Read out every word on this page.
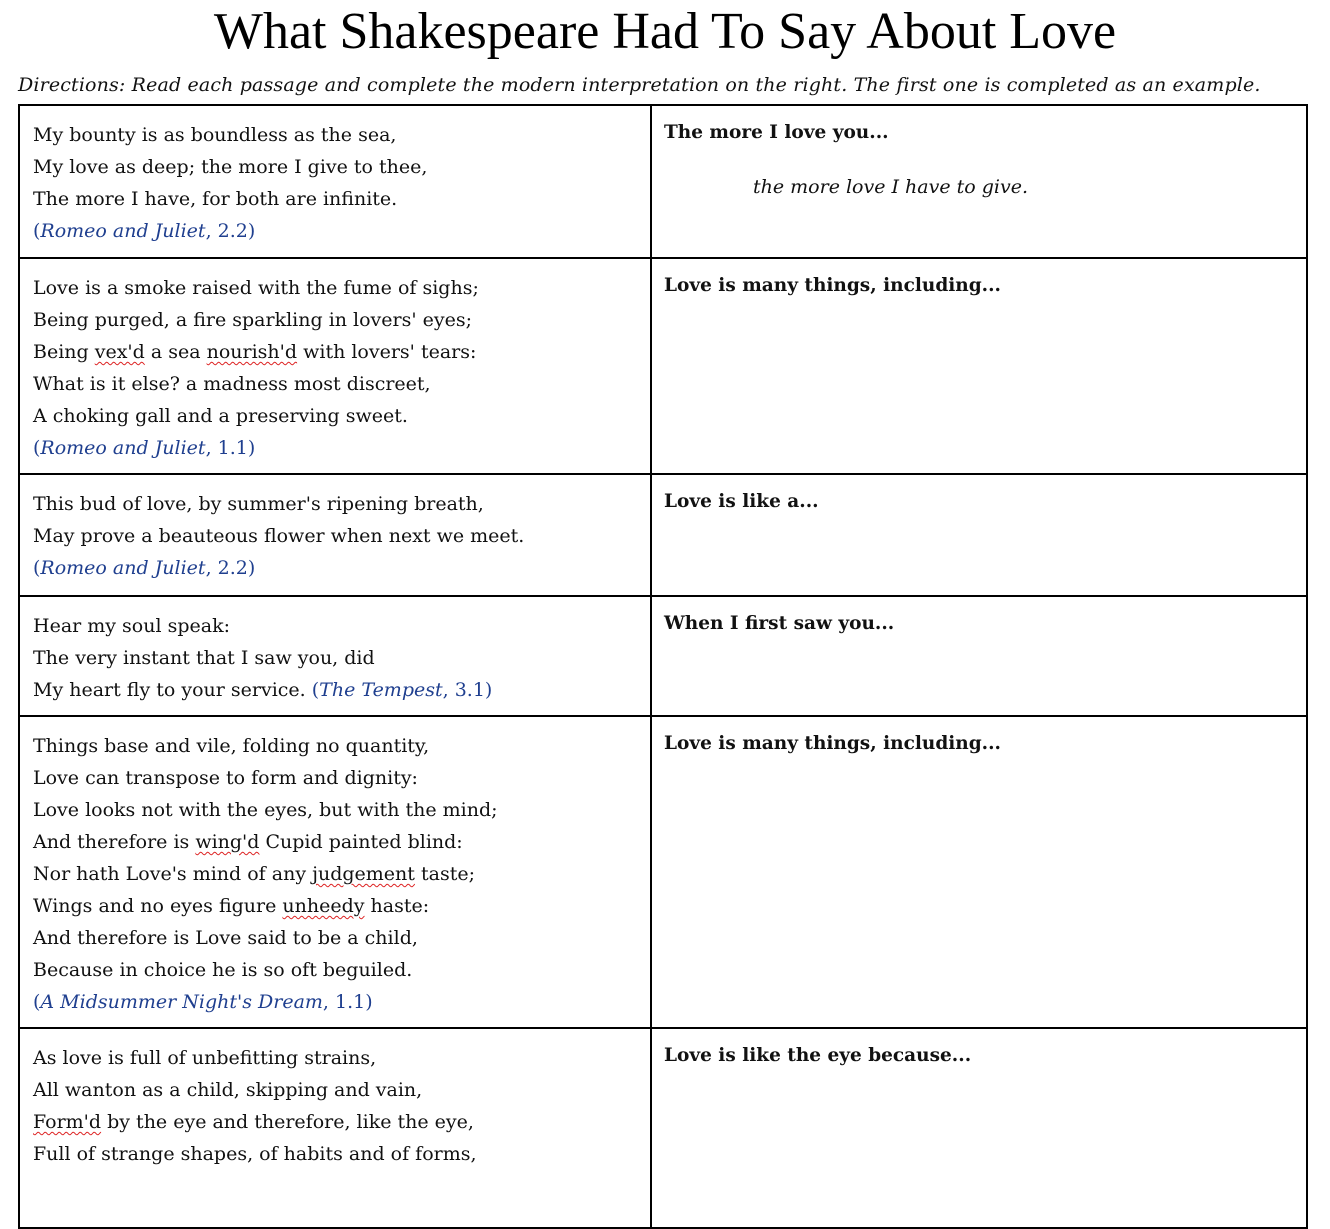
What Shakespeare Had To Say About Love
Directions: Read each passage and complete the modern interpretation on the right. The first one is completed as an example.
My bounty is as boundless as the sea,
My love as deep; the more I give to thee,
The more I have, for both are infinite.
(Romeo and Juliet, 2.2)
The more I love you...
the more love I have to give.
Love is a smoke raised with the fume of sighs;
Being purged, a fire sparkling in lovers' eyes;
Being vex'd a sea nourish'd with lovers' tears:
What is it else? a madness most discreet,
A choking gall and a preserving sweet.
(Romeo and Juliet, 1.1)
Love is many things, including...
This bud of love, by summer's ripening breath,
May prove a beauteous flower when next we meet.
(Romeo and Juliet, 2.2)
Love is like a...
Hear my soul speak:
The very instant that I saw you, did
My heart fly to your service. (The Tempest, 3.1)
When I first saw you...
Things base and vile, folding no quantity,
Love can transpose to form and dignity:
Love looks not with the eyes, but with the mind;
And therefore is wing'd Cupid painted blind:
Nor hath Love's mind of any judgement taste;
Wings and no eyes figure unheedy haste:
And therefore is Love said to be a child,
Because in choice he is so oft beguiled.
(A Midsummer Night's Dream, 1.1)
Love is many things, including...
As love is full of unbefitting strains,
All wanton as a child, skipping and vain,
Form'd by the eye and therefore, like the eye,
Full of strange shapes, of habits and of forms,
Love is like the eye because...
